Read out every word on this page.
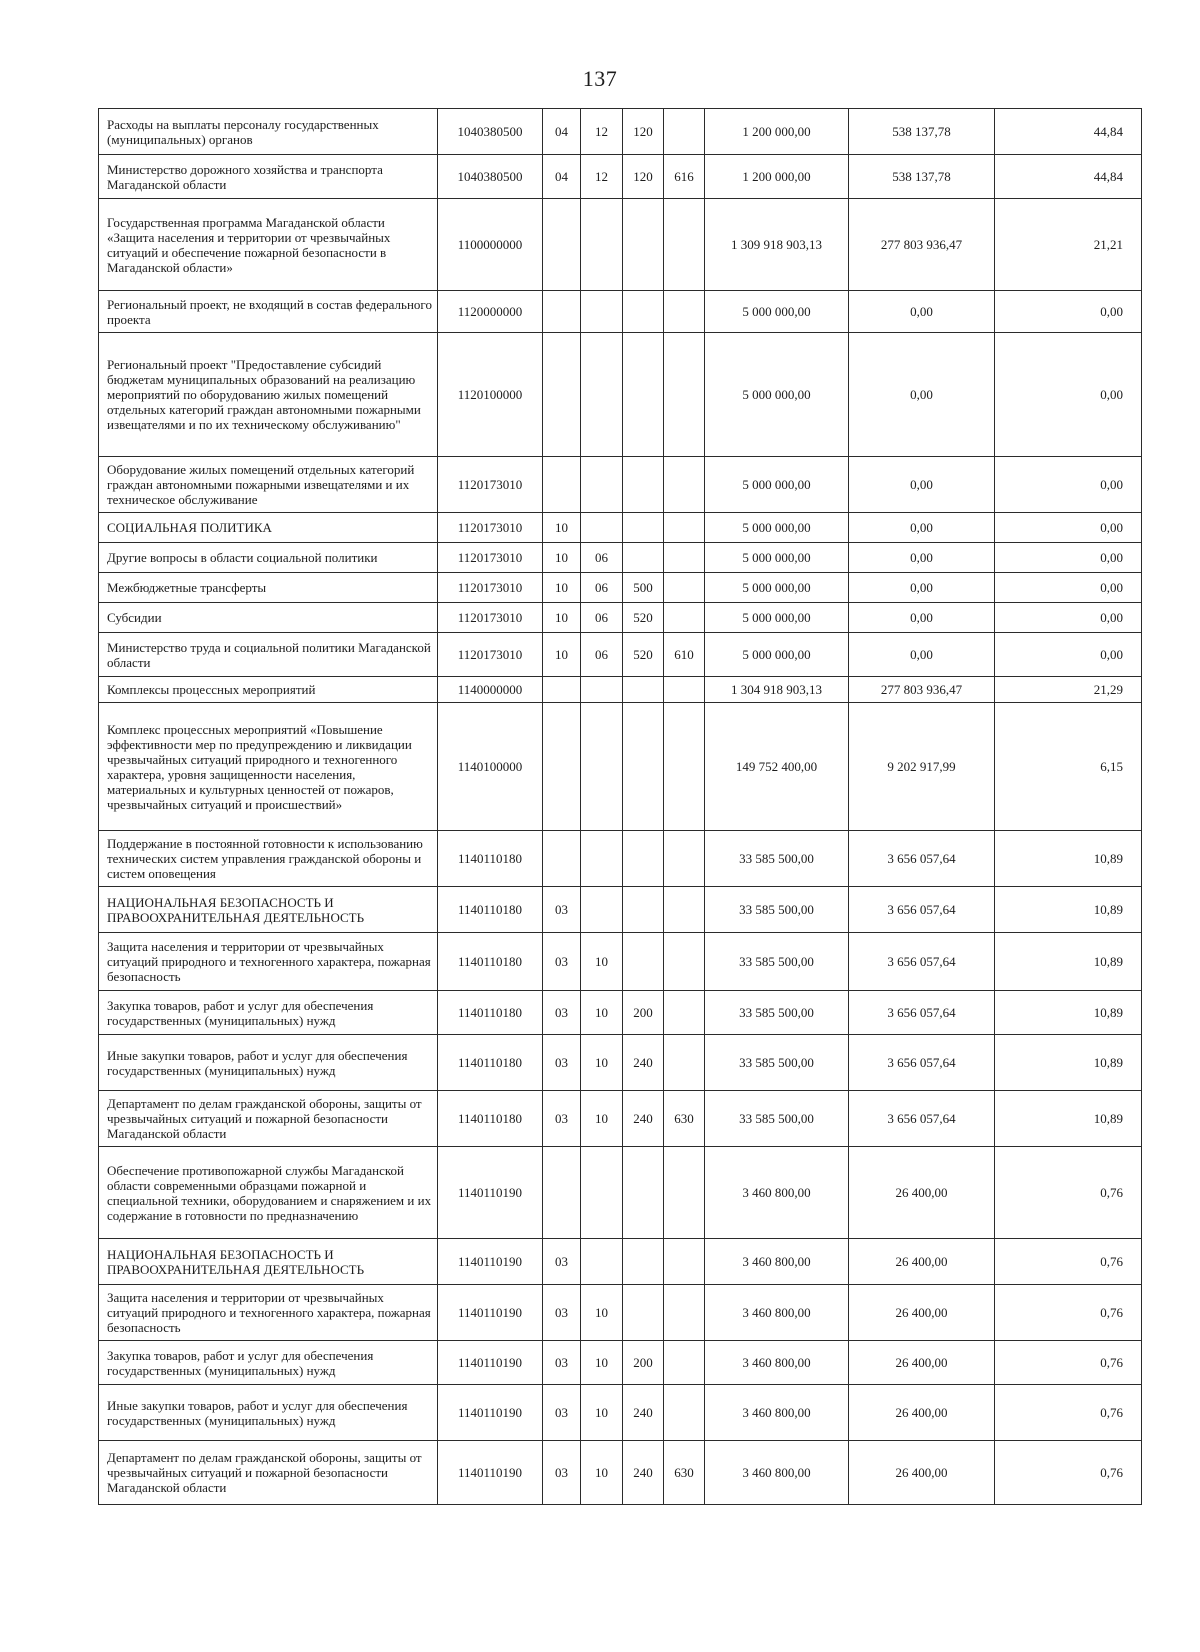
137
Расходы на выплаты персоналу государственных (муниципальных) органов	1040380500	04	12	120		1 200 000,00	538 137,78	44,84
Министерство дорожного хозяйства и транспорта Магаданской области	1040380500	04	12	120	616	1 200 000,00	538 137,78	44,84
Государственная программа Магаданской области «Защита населения и территории от чрезвычайных ситуаций и обеспечение пожарной безопасности в Магаданской области»	1100000000					1 309 918 903,13	277 803 936,47	21,21
Региональный проект, не входящий в состав федерального проекта	1120000000					5 000 000,00	0,00	0,00
Региональный проект "Предоставление субсидий бюджетам муниципальных образований на реализацию мероприятий по оборудованию жилых помещений отдельных категорий граждан автономными пожарными извещателями и по их техническому обслуживанию"	1120100000					5 000 000,00	0,00	0,00
Оборудование жилых помещений отдельных категорий граждан автономными пожарными извещателями и их техническое обслуживание	1120173010					5 000 000,00	0,00	0,00
СОЦИАЛЬНАЯ ПОЛИТИКА	1120173010	10				5 000 000,00	0,00	0,00
Другие вопросы в области социальной политики	1120173010	10	06			5 000 000,00	0,00	0,00
Межбюджетные трансферты	1120173010	10	06	500		5 000 000,00	0,00	0,00
Субсидии	1120173010	10	06	520		5 000 000,00	0,00	0,00
Министерство труда и социальной политики Магаданской области	1120173010	10	06	520	610	5 000 000,00	0,00	0,00
Комплексы процессных мероприятий	1140000000					1 304 918 903,13	277 803 936,47	21,29
Комплекс процессных мероприятий «Повышение эффективности мер по предупреждению и ликвидации чрезвычайных ситуаций природного и техногенного характера, уровня защищенности населения, материальных и культурных ценностей от пожаров, чрезвычайных ситуаций и происшествий»	1140100000					149 752 400,00	9 202 917,99	6,15
Поддержание в постоянной готовности к использованию технических систем управления гражданской обороны и систем оповещения	1140110180					33 585 500,00	3 656 057,64	10,89
НАЦИОНАЛЬНАЯ БЕЗОПАСНОСТЬ И ПРАВООХРАНИТЕЛЬНАЯ ДЕЯТЕЛЬНОСТЬ	1140110180	03				33 585 500,00	3 656 057,64	10,89
Защита населения и территории от чрезвычайных ситуаций природного и техногенного характера, пожарная безопасность	1140110180	03	10			33 585 500,00	3 656 057,64	10,89
Закупка товаров, работ и услуг для обеспечения государственных (муниципальных) нужд	1140110180	03	10	200		33 585 500,00	3 656 057,64	10,89
Иные закупки товаров, работ и услуг для обеспечения государственных (муниципальных) нужд	1140110180	03	10	240		33 585 500,00	3 656 057,64	10,89
Департамент по делам гражданской обороны, защиты от чрезвычайных ситуаций и пожарной безопасности Магаданской области	1140110180	03	10	240	630	33 585 500,00	3 656 057,64	10,89
Обеспечение противопожарной службы Магаданской области современными образцами пожарной и специальной техники, оборудованием и снаряжением и их содержание в готовности по предназначению	1140110190					3 460 800,00	26 400,00	0,76
НАЦИОНАЛЬНАЯ БЕЗОПАСНОСТЬ И ПРАВООХРАНИТЕЛЬНАЯ ДЕЯТЕЛЬНОСТЬ	1140110190	03				3 460 800,00	26 400,00	0,76
Защита населения и территории от чрезвычайных ситуаций природного и техногенного характера, пожарная безопасность	1140110190	03	10			3 460 800,00	26 400,00	0,76
Закупка товаров, работ и услуг для обеспечения государственных (муниципальных) нужд	1140110190	03	10	200		3 460 800,00	26 400,00	0,76
Иные закупки товаров, работ и услуг для обеспечения государственных (муниципальных) нужд	1140110190	03	10	240		3 460 800,00	26 400,00	0,76
Департамент по делам гражданской обороны, защиты от чрезвычайных ситуаций и пожарной безопасности Магаданской области	1140110190	03	10	240	630	3 460 800,00	26 400,00	0,76
